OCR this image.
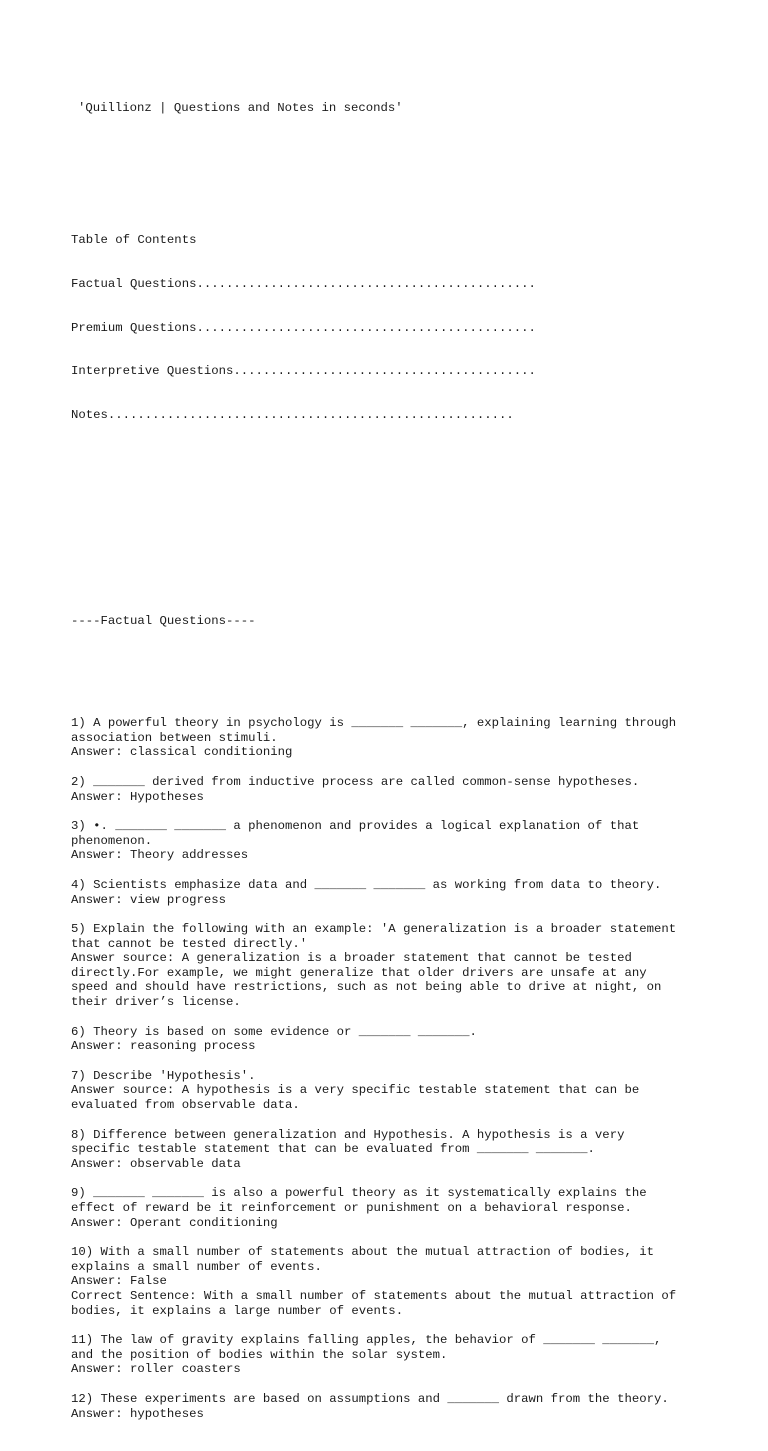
'Quillionz | Questions and Notes in seconds'

Table of Contents

Factual Questions..............................................

Premium Questions..............................................

Interpretive Questions.........................................

Notes.......................................................

----Factual Questions----

1) A powerful theory in psychology is _______ _______, explaining learning through
association between stimuli.
Answer: classical conditioning
2) _______ derived from inductive process are called common-sense hypotheses.
Answer: Hypotheses
3) •. _______ _______ a phenomenon and provides a logical explanation of that
phenomenon.
Answer: Theory addresses
4) Scientists emphasize data and _______ _______ as working from data to theory.
Answer: view progress
5) Explain the following with an example: 'A generalization is a broader statement
that cannot be tested directly.'
Answer source: A generalization is a broader statement that cannot be tested
directly.For example, we might generalize that older drivers are unsafe at any
speed and should have restrictions, such as not being able to drive at night, on
their driver’s license.
6) Theory is based on some evidence or _______ _______.
Answer: reasoning process
7) Describe 'Hypothesis'.
Answer source: A hypothesis is a very specific testable statement that can be
evaluated from observable data.
8) Difference between generalization and Hypothesis. A hypothesis is a very
specific testable statement that can be evaluated from _______ _______.
Answer: observable data
9) _______ _______ is also a powerful theory as it systematically explains the
effect of reward be it reinforcement or punishment on a behavioral response.
Answer: Operant conditioning
10) With a small number of statements about the mutual attraction of bodies, it
explains a small number of events.
Answer: False
Correct Sentence: With a small number of statements about the mutual attraction of
bodies, it explains a large number of events.
11) The law of gravity explains falling apples, the behavior of _______ _______,
and the position of bodies within the solar system.
Answer: roller coasters
12) These experiments are based on assumptions and _______ drawn from the theory.
Answer: hypotheses
